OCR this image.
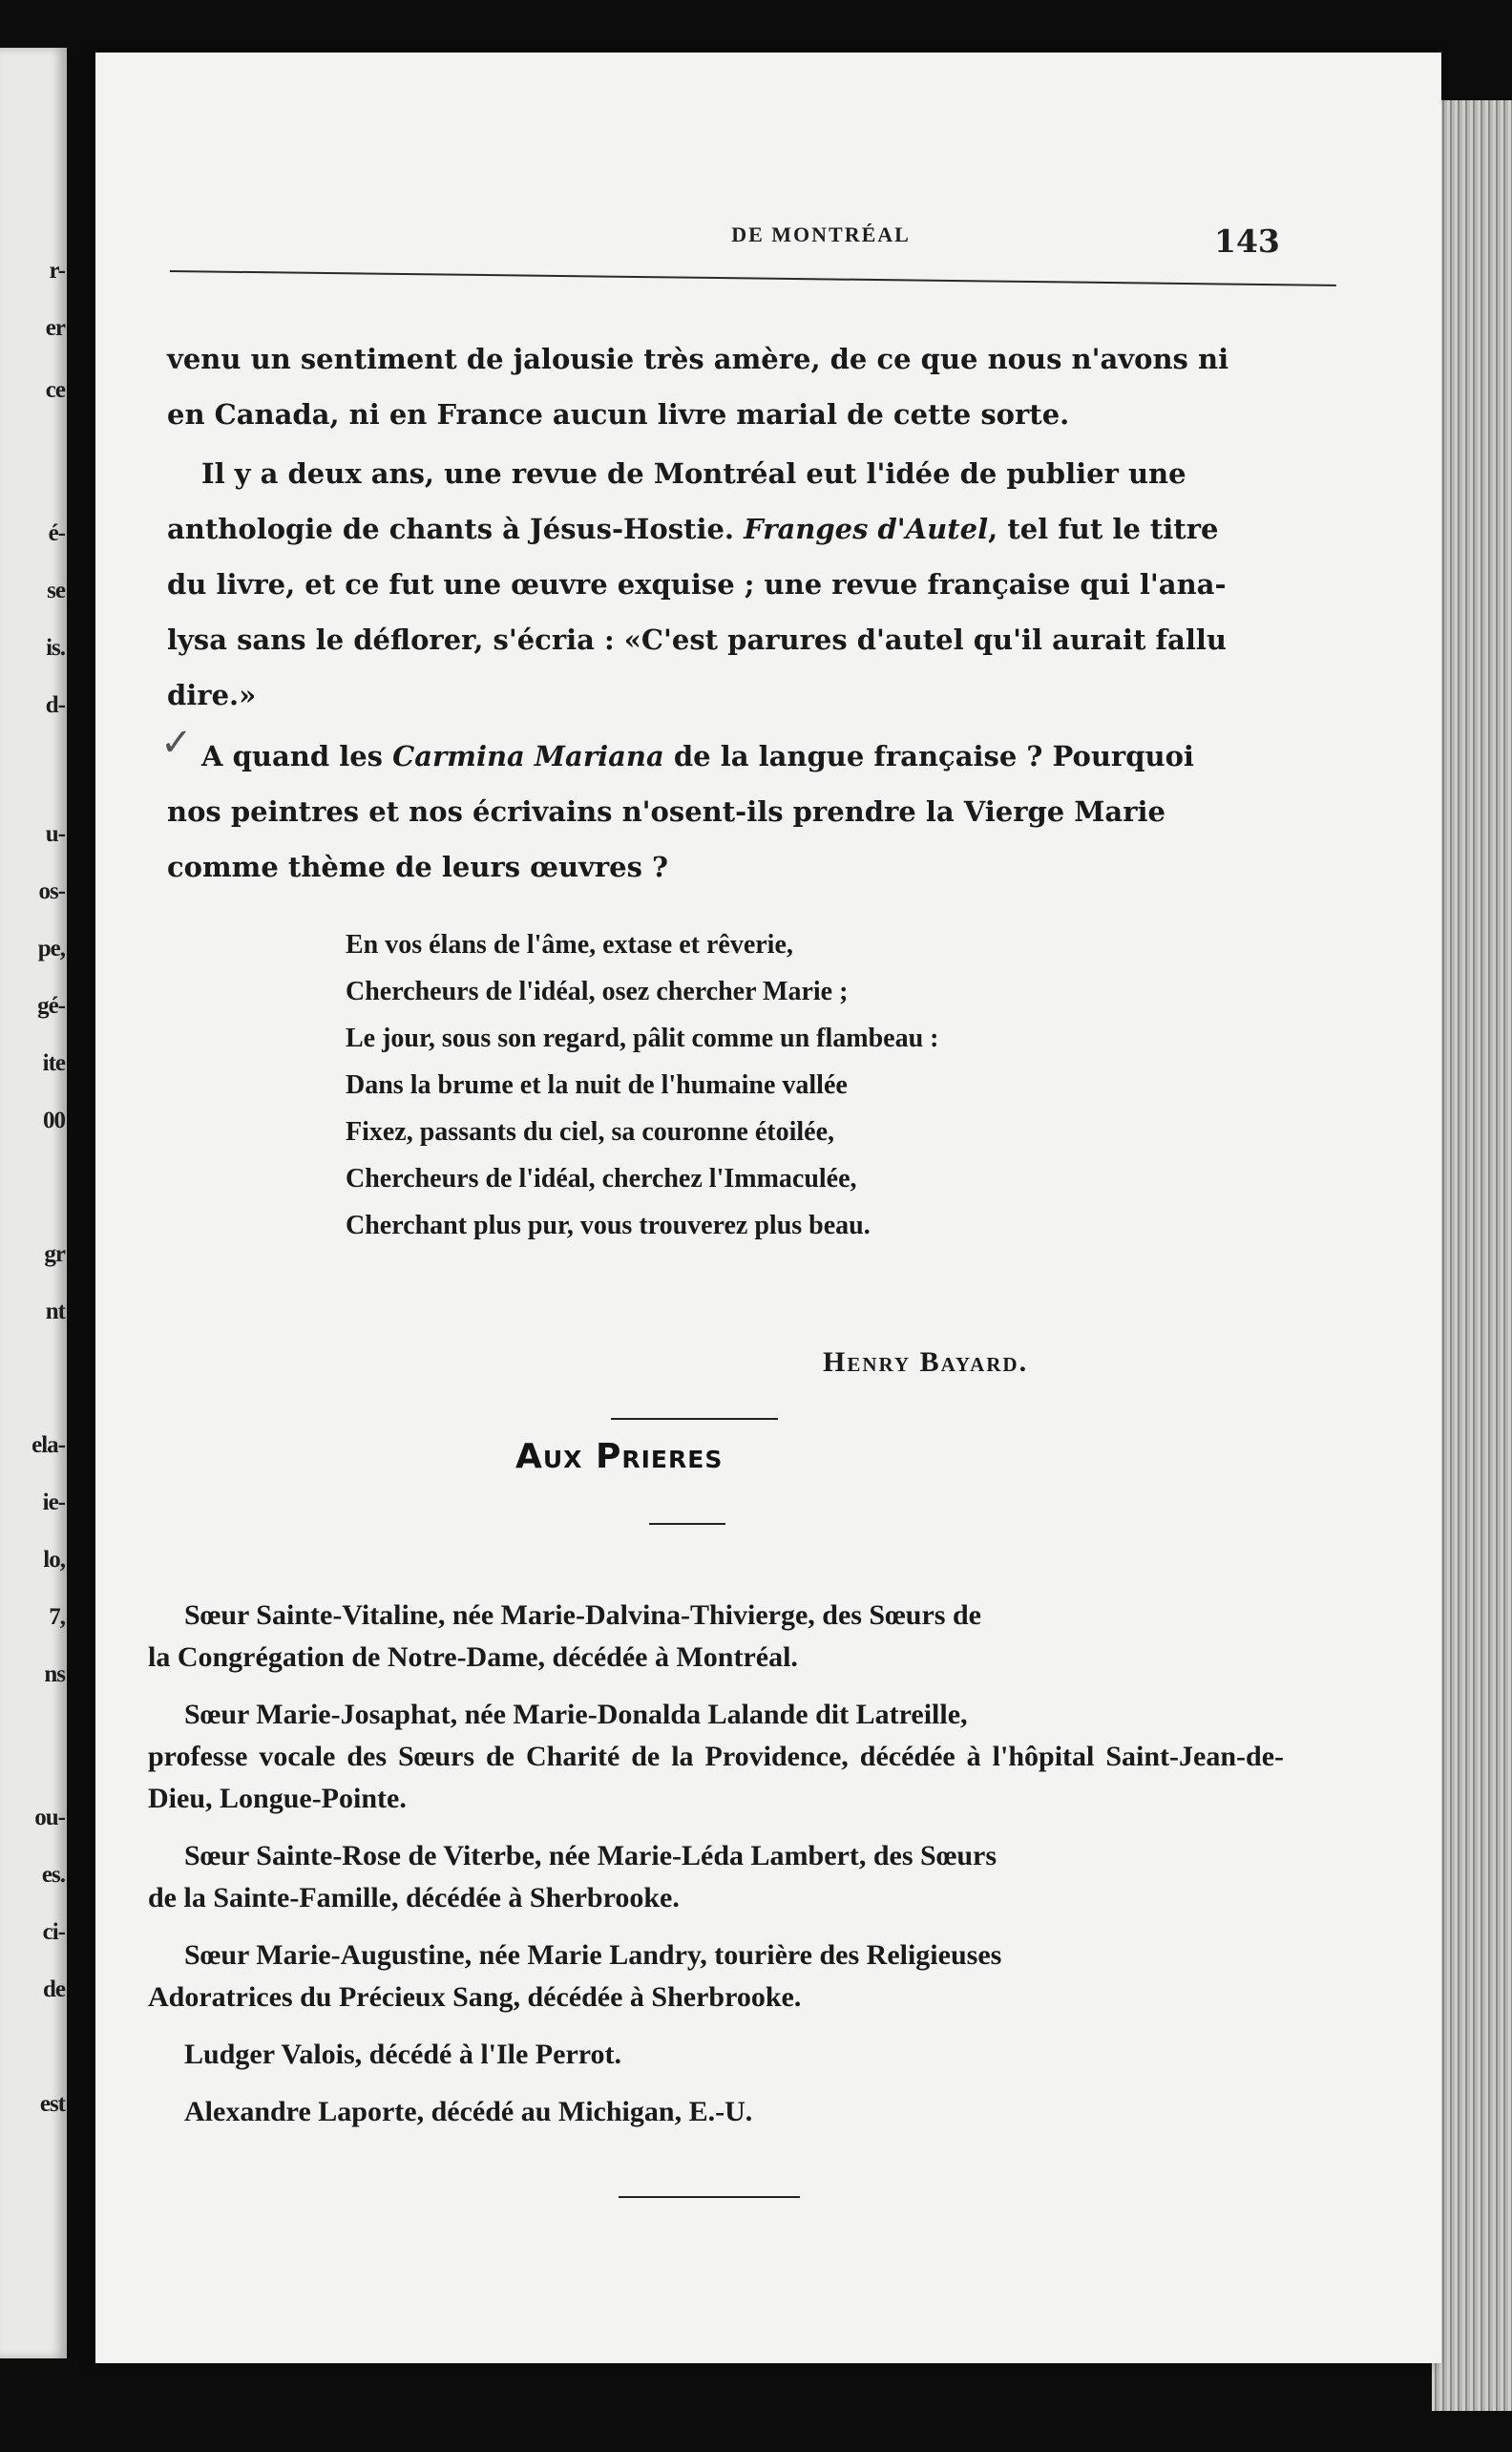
r-
er
ce
é-
se
is.
d-
u-
os-
pe,
gé-
ite
00
gr
nt
ela-
ie-
lo,
7,
ns
ou-
es.
ci-
de
est
DE MONTRÉAL	143
venu un sentiment de jalousie très amère, de ce que nous n'avons ni
en Canada, ni en France aucun livre marial de cette sorte.
Il y a deux ans, une revue de Montréal eut l'idée de publier une
anthologie de chants à Jésus-Hostie. Franges d'Autel, tel fut le titre
du livre, et ce fut une œuvre exquise ; une revue française qui l'ana-
lysa sans le déflorer, s'écria : «C'est parures d'autel qu'il aurait fallu
dire.»
A quand les Carmina Mariana de la langue française ? Pourquoi
nos peintres et nos écrivains n'osent-ils prendre la Vierge Marie
comme thème de leurs œuvres ?
En vos élans de l'âme, extase et rêverie,
Chercheurs de l'idéal, osez chercher Marie ;
Le jour, sous son regard, pâlit comme un flambeau :
Dans la brume et la nuit de l'humaine vallée
Fixez, passants du ciel, sa couronne étoilée,
Chercheurs de l'idéal, cherchez l'Immaculée,
Cherchant plus pur, vous trouverez plus beau.
Henry Bayard.
Aux Prieres
Sœur Sainte-Vitaline, née Marie-Dalvina-Thivierge, des Sœurs de
la Congrégation de Notre-Dame, décédée à Montréal.
Sœur Marie-Josaphat, née Marie-Donalda Lalande dit Latreille,
professe vocale des Sœurs de Charité de la Providence, décédée à l'hôpital Saint-Jean-de-Dieu, Longue-Pointe.
Sœur Sainte-Rose de Viterbe, née Marie-Léda Lambert, des Sœurs
de la Sainte-Famille, décédée à Sherbrooke.
Sœur Marie-Augustine, née Marie Landry, tourière des Religieuses
Adoratrices du Précieux Sang, décédée à Sherbrooke.
Ludger Valois, décédé à l'Ile Perrot.
Alexandre Laporte, décédé au Michigan, E.-U.
✓
